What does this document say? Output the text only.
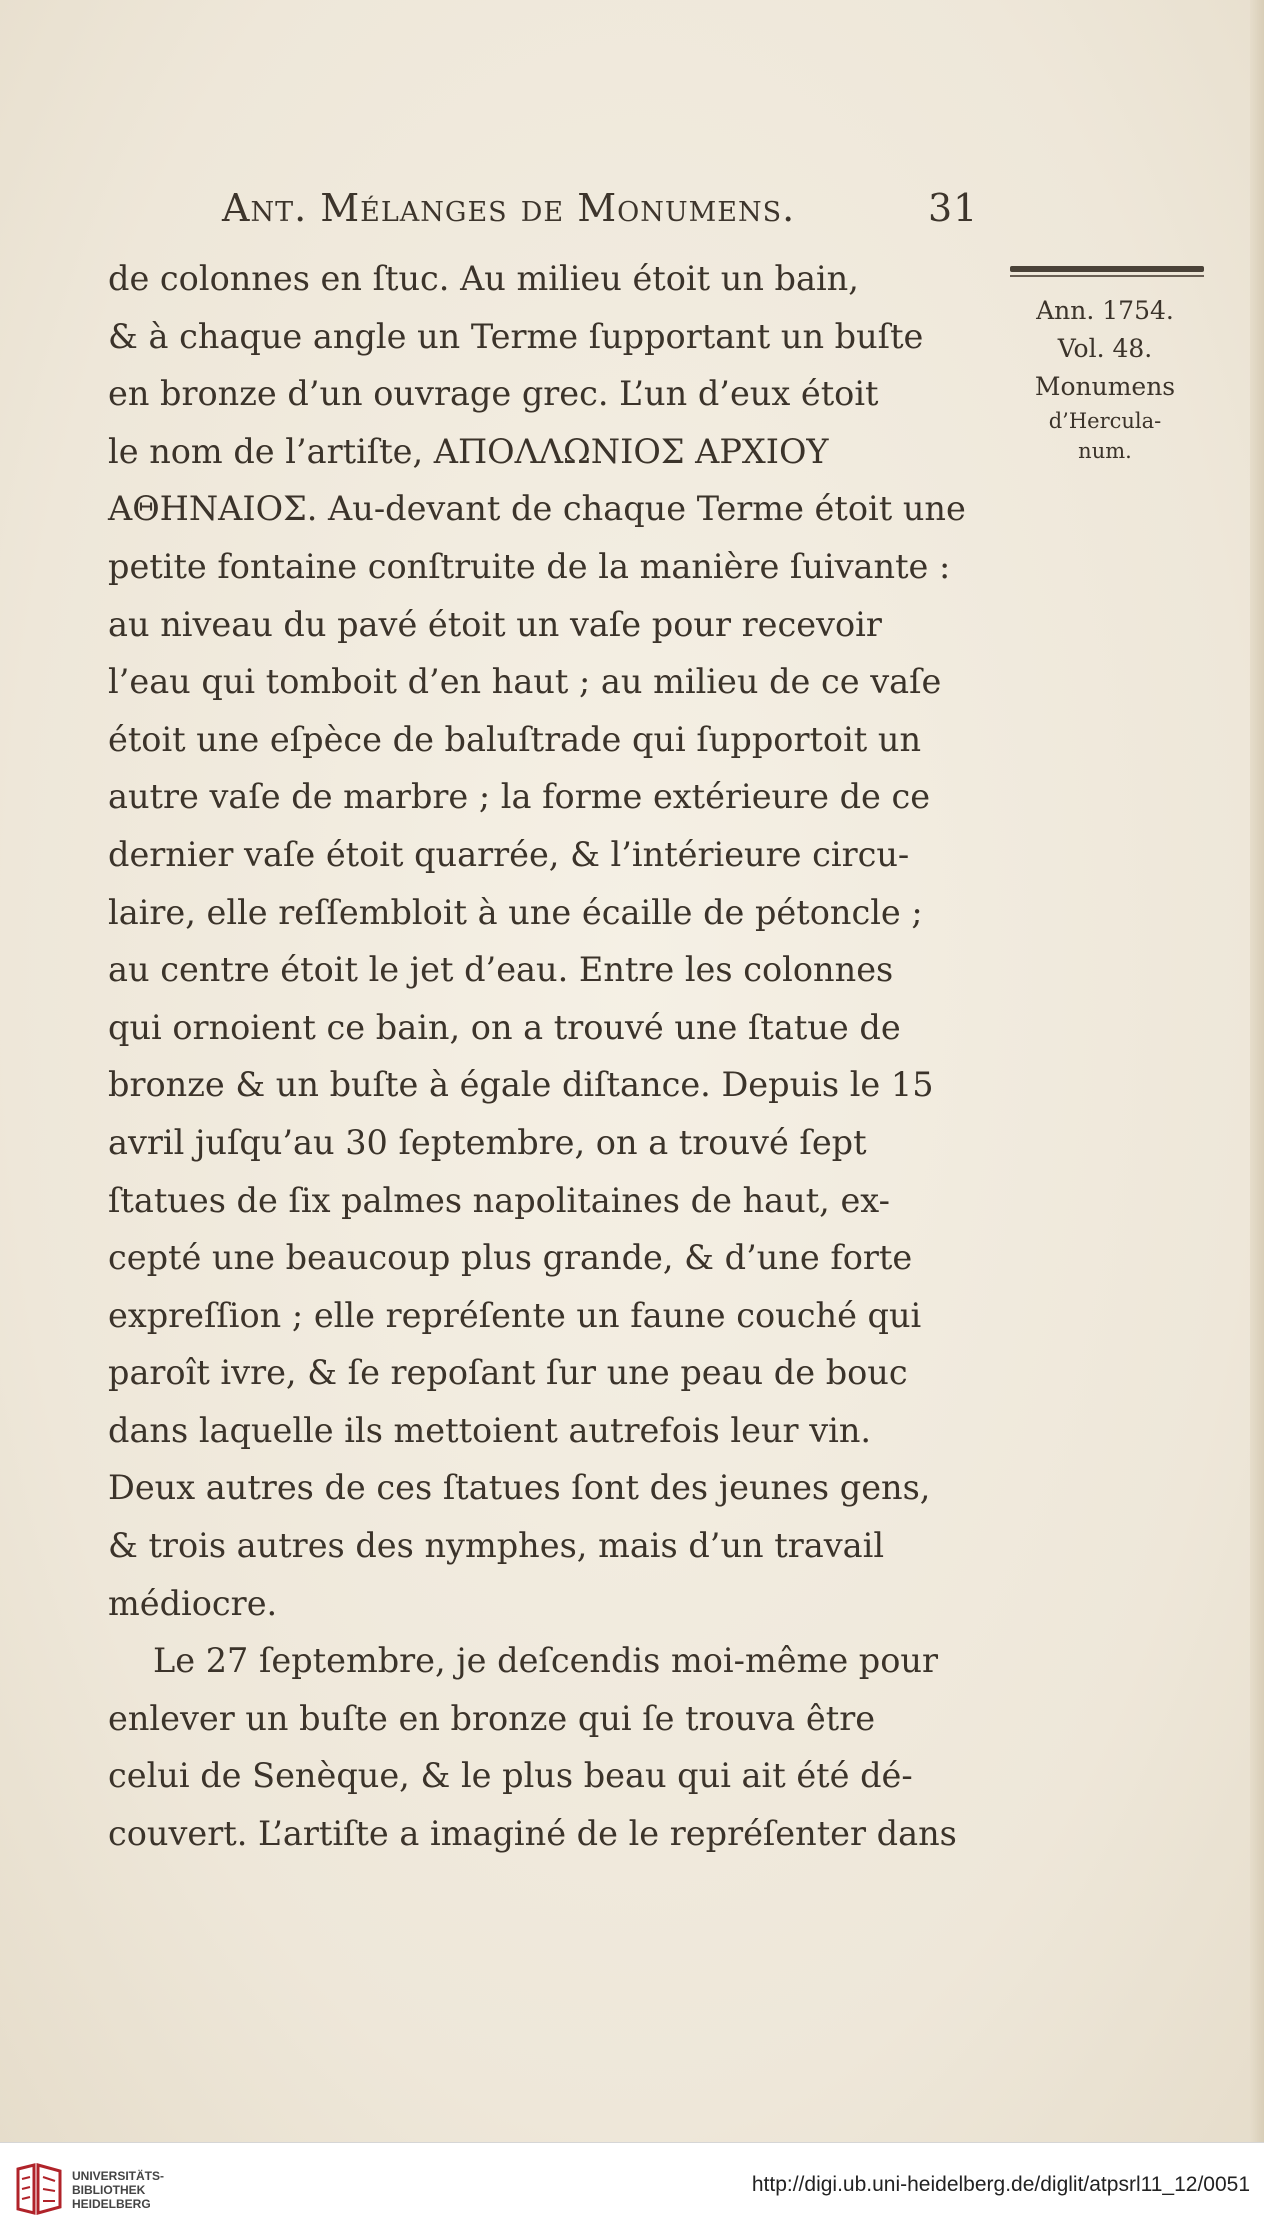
Ant. Mélanges de Monumens.	31
Ann. 1754.
Vol. 48.
Monumens
d’Hercula-
num.
de colonnes en ſtuc. Au milieu étoit un bain,
& à chaque angle un Terme ſupportant un buſte
en bronze d’un ouvrage grec. L’un d’eux étoit
le nom de l’artiſte, ΑΠΟΛΛΩΝΙΟΣ ΑΡΧΙΟΥ
ΑΘΗΝΑΙΟΣ. Au-devant de chaque Terme étoit une
petite fontaine conſtruite de la manière ſuivante :
au niveau du pavé étoit un vaſe pour recevoir
l’eau qui tomboit d’en haut ; au milieu de ce vaſe
étoit une eſpèce de baluſtrade qui ſupportoit un
autre vaſe de marbre ; la forme extérieure de ce
dernier vaſe étoit quarrée, & l’intérieure circu-
laire, elle reſſembloit à une écaille de pétoncle ;
au centre étoit le jet d’eau. Entre les colonnes
qui ornoient ce bain, on a trouvé une ſtatue de
bronze & un buſte à égale diſtance. Depuis le 15
avril juſqu’au 30 ſeptembre, on a trouvé ſept
ſtatues de ſix palmes napolitaines de haut, ex-
cepté une beaucoup plus grande, & d’une forte
expreſſion ; elle repréſente un faune couché qui
paroît ivre, & ſe repoſant ſur une peau de bouc
dans laquelle ils mettoient autrefois leur vin.
Deux autres de ces ſtatues ſont des jeunes gens,
& trois autres des nymphes, mais d’un travail
médiocre.
Le 27 ſeptembre, je deſcendis moi-même pour
enlever un buſte en bronze qui ſe trouva être
celui de Senèque, & le plus beau qui ait été dé-
couvert. L’artiſte a imaginé de le repréſenter dans
UNIVERSITÄTS-
BIBLIOTHEK
HEIDELBERG
http://digi.ub.uni-heidelberg.de/diglit/atpsrl11_12/0051
